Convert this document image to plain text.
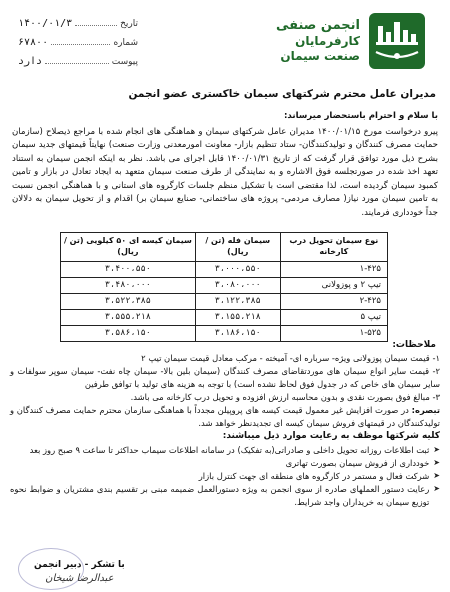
انجمن صنفی
کارفرمایان
صنعت سیمان
تاریخ
۱۴۰۰/۰۱/۳
شماره
۶۷۸۰۰
پیوست
دارد
مدیران عامل محترم شرکتهای سیمان خاکستری عضو انجمن

با سلام و احترام باستحضار میرساند:

پیرو درخواست مورخ ۱۴۰۰/۰۱/۱۵ مدیران عامل شرکتهای سیمان و هماهنگی های انجام شده با مراجع ذیصلاح (سازمان حمایت مصرف کنندگان و تولیدکنندگان- ستاد تنظیم بازار- معاونت امورمعدنی وزارت صنعت) نهایتاً قیمتهای جدید سیمان بشرح ذیل مورد توافق قرار گرفت که از تاریخ ۱۴۰۰/۰۱/۳۱ قابل اجرای می باشد. نظر به اینکه انجمن سیمان به استناد تعهد اخذ شده در صورتجلسه فوق الاشاره و به نمایندگی از طرف صنعت سیمان متعهد به ایجاد تعادل در بازار و تامین کمبود سیمان گردیده است، لذا مقتضی است با تشکیل منظم جلسات کارگروه های استانی و با هماهنگی انجمن نسبت به تامین سیمان مورد نیاز( مصارف مردمی- پروژه های ساختمانی- صنایع سیمان بر) اقدام و از تحویل سیمان به دلالان جداً خودداری فرمایند.

نوع سیمان تحویل درب کارخانه	سیمان فله (تن / ریال)	سیمان کیسه ای ۵۰ کیلویی (تن / ریال)
۱-۴۲۵	۳،۰۰۰،۵۵۰	۳،۴۰۰،۵۵۰
تیپ ۲ و پوزولانی	۳،۰۸۰،۰۰۰	۳،۴۸۰،۰۰۰
۲-۴۲۵	۳،۱۲۲،۳۸۵	۳،۵۲۲،۳۸۵
تیپ ۵	۳،۱۵۵،۲۱۸	۳،۵۵۵،۲۱۸
۱-۵۲۵	۳،۱۸۶،۱۵۰	۳،۵۸۶،۱۵۰
ملاحظات:

۱- قیمت سیمان پوزولانی ویژه- سرباره ای- آمیخته - مرکب معادل قیمت سیمان تیپ ۲

۲- قیمت سایر انواع سیمان های موردتقاضای مصرف کنندگان (سیمان بلین بالا- سیمان چاه نفت- سیمان سوپر سولفات و سایر سیمان های خاص که در جدول فوق لحاظ نشده است) با توجه به هزینه های تولید با توافق طرفین

۳- مبالغ فوق بصورت نقدی و بدون محاسبه ارزش افزوده و تحویل درب کارخانه می باشد.

تبصره: در صورت افزایش غیر معمول قیمت کیسه های پروپیلن مجدداً با هماهنگی سازمان محترم حمایت مصرف کنندگان و تولیدکنندگان در قیمتهای فروش سیمان کیسه ای تجدیدنظر خواهد شد.

کلیه شرکتها موظف به رعایت موارد ذیل میباشند:

➤
ثبت اطلاعات روزانه تحویل داخلی و صادراتی(به تفکیک) در سامانه اطلاعات سیماب حداکثر تا ساعت ۹ صبح روز بعد
➤
خودداری از فروش سیمان بصورت تهاتری
➤
شرکت فعال و مستمر در کارگروه های منطقه ای جهت کنترل بازار
➤
رعایت دستور العملهای صادره از سوی انجمن به ویژه دستورالعمل ضمیمه مبنی بر تقسیم بندی مشتریان و ضوابط نحوه توزیع سیمان به خریداران واجد شرایط.
با تشکر - دبیر انجمن
عبدالرضا شیخان
